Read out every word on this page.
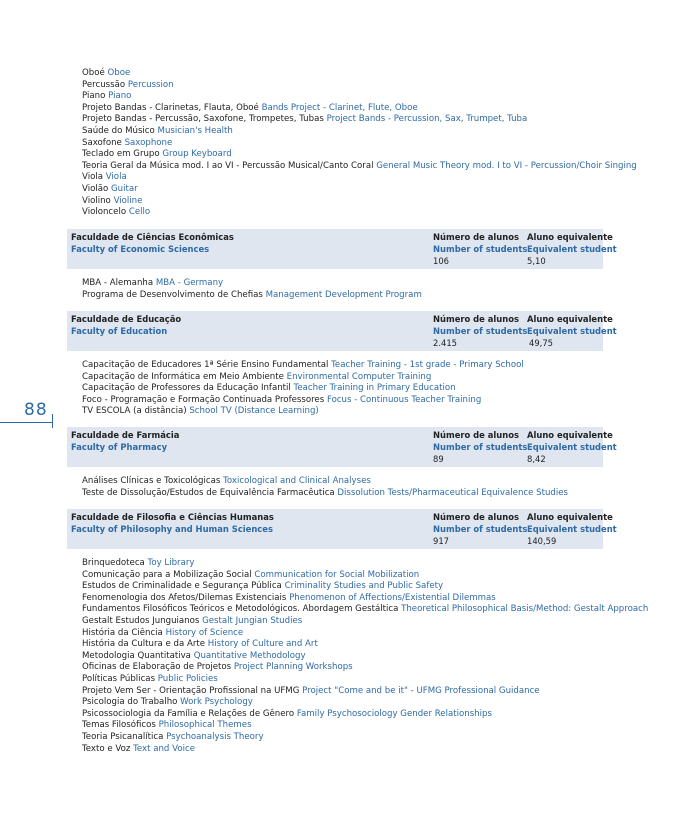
Oboé Oboe
Percussão Percussion
Piano Piano
Projeto Bandas - Clarinetas, Flauta, Oboé Bands Project - Clarinet, Flute, Oboe
Projeto Bandas - Percussão, Saxofone, Trompetes, Tubas Project Bands - Percussion, Sax, Trumpet, Tuba
Saúde do Músico Musician's Health
Saxofone Saxophone
Teclado em Grupo Group Keyboard
Teoria Geral da Música mod. I ao VI - Percussão Musical/Canto Coral General Music Theory mod. I to VI - Percussion/Choir Singing
Viola Viola
Violão Guitar
Violino Violine
Violoncelo Cello
Faculdade de Ciências Econômicas
Faculty of Economic Sciences
Número de alunos
Number of students
106
Aluno equivalente
Equivalent student
5,10
MBA - Alemanha MBA - Germany
Programa de Desenvolvimento de Chefias Management Development Program
Faculdade de Educação
Faculty of Education
Número de alunos
Number of students
2.415
Aluno equivalente
Equivalent student
49,75
Capacitação de Educadores 1ª Série Ensino Fundamental Teacher Training - 1st grade - Primary School
Capacitação de Informática em Meio Ambiente Environmental Computer Training
Capacitação de Professores da Educação Infantil Teacher Training in Primary Education
Foco - Programação e Formação Continuada Professores Focus - Continuous Teacher Training
TV ESCOLA (a distância) School TV (Distance Learning)
88
Faculdade de Farmácia
Faculty of Pharmacy
Número de alunos
Number of students
89
Aluno equivalente
Equivalent student
8,42
Análises Clínicas e Toxicológicas Toxicological and Clinical Analyses
Teste de Dissolução/Estudos de Equivalência Farmacêutica Dissolution Tests/Pharmaceutical Equivalence Studies
Faculdade de Filosofia e Ciências Humanas
Faculty of Philosophy and Human Sciences
Número de alunos
Number of students
917
Aluno equivalente
Equivalent student
140,59
Brinquedoteca Toy Library
Comunicação para a Mobilização Social Communication for Social Mobilization
Estudos de Criminalidade e Segurança Pública Criminality Studies and Public Safety
Fenomenologia dos Afetos/Dilemas Existenciais Phenomenon of Affections/Existential Dilemmas
Fundamentos Filosóficos Teóricos e Metodológicos. Abordagem Gestáltica Theoretical Philosophical Basis/Method: Gestalt Approach
Gestalt Estudos Junguianos Gestalt Jungian Studies
História da Ciência History of Science
História da Cultura e da Arte History of Culture and Art
Metodologia Quantitativa Quantitative Methodology
Oficinas de Elaboração de Projetos Project Planning Workshops
Políticas Públicas Public Policies
Projeto Vem Ser - Orientação Profissional na UFMG Project "Come and be it" - UFMG Professional Guidance
Psicologia do Trabalho Work Psychology
Psicossociologia da Família e Relações de Gênero Family Psychosociology Gender Relationships
Temas Filosóficos Philosophical Themes
Teoria Psicanalítica Psychoanalysis Theory
Texto e Voz Text and Voice
